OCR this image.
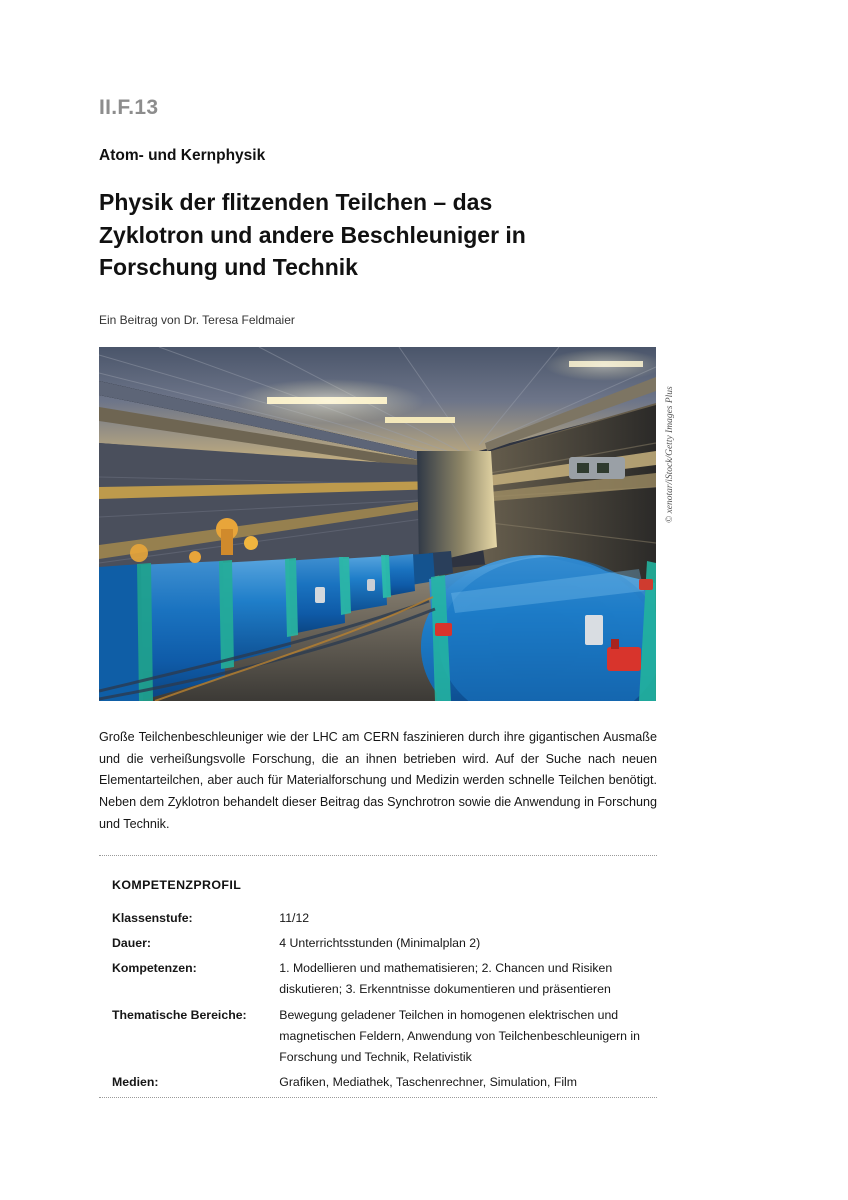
II.F.13
Atom- und Kernphysik
Physik der flitzenden Teilchen – das Zyklotron und andere Beschleuniger in Forschung und Technik
Ein Beitrag von Dr. Teresa Feldmaier
© xenotar/iStock/Getty Images Plus
Große Teilchenbeschleuniger wie der LHC am CERN faszinieren durch ihre gigantischen Ausmaße und die verheißungsvolle Forschung, die an ihnen betrieben wird. Auf der Suche nach neuen Elementarteilchen, aber auch für Materialforschung und Medizin werden schnelle Teilchen benötigt. Neben dem Zyklotron behandelt dieser Beitrag das Synchrotron sowie die Anwendung in Forschung und Technik.
KOMPETENZPROFIL
Klassenstufe:	11/12
Dauer:	4 Unterrichtsstunden (Minimalplan 2)
Kompetenzen:	1. Modellieren und mathematisieren; 2. Chancen und Risiken diskutieren; 3. Erkenntnisse dokumentieren und präsentieren
Thematische Bereiche:	Bewegung geladener Teilchen in homogenen elektrischen und magnetischen Feldern, Anwendung von Teilchenbeschleunigern in Forschung und Technik, Relativistik
Medien:	Grafiken, Mediathek, Taschenrechner, Simulation, Film
